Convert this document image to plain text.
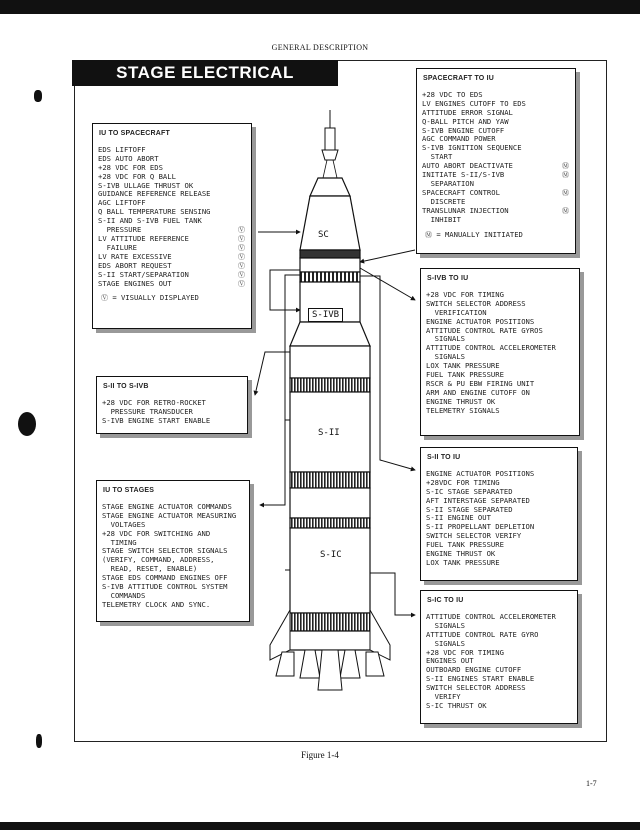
GENERAL DESCRIPTION
STAGE ELECTRICAL INTERFACE FLOW
SC
S-IVB
S-II
S-IC
SPACECRAFT TO IU
+28 VDC TO EDS
LV ENGINES CUTOFF TO EDS
ATTITUDE ERROR SIGNAL
Q-BALL PITCH AND YAW
S-IVB ENGINE CUTOFF
AGC COMMAND POWER
S-IVB IGNITION SEQUENCE
START
AUTO ABORT DEACTIVATE	Ⓜ
INITIATE S-II/S-IVB	Ⓜ
SEPARATION
SPACECRAFT CONTROL	Ⓜ
DISCRETE
TRANSLUNAR INJECTION	Ⓜ
INHIBIT
Ⓜ = MANUALLY INITIATED
IU TO SPACECRAFT
EDS LIFTOFF
EDS AUTO ABORT
+28 VDC FOR EDS
+28 VDC FOR Q BALL
S-IVB ULLAGE THRUST OK
GUIDANCE REFERENCE RELEASE
AGC LIFTOFF
Q BALL TEMPERATURE SENSING
S-II AND S-IVB FUEL TANK
PRESSURE	Ⓥ
LV ATTITUDE REFERENCE	Ⓥ
FAILURE	Ⓥ
LV RATE EXCESSIVE	Ⓥ
EDS ABORT REQUEST	Ⓥ
S-II START/SEPARATION	Ⓥ
STAGE ENGINES OUT	Ⓥ
Ⓥ = VISUALLY DISPLAYED
S-IVB TO IU
+28 VDC FOR TIMING
SWITCH SELECTOR ADDRESS
VERIFICATION
ENGINE ACTUATOR POSITIONS
ATTITUDE CONTROL RATE GYROS
SIGNALS
ATTITUDE CONTROL ACCELEROMETER
SIGNALS
LOX TANK PRESSURE
FUEL TANK PRESSURE
RSCR & PU EBW FIRING UNIT
ARM AND ENGINE CUTOFF ON
ENGINE THRUST OK
TELEMETRY SIGNALS
S-II TO S-IVB
+28 VDC FOR RETRO-ROCKET
PRESSURE TRANSDUCER
S-IVB ENGINE START ENABLE
S-II TO IU
ENGINE ACTUATOR POSITIONS
+28VDC FOR TIMING
S-IC STAGE SEPARATED
AFT INTERSTAGE SEPARATED
S-II STAGE SEPARATED
S-II ENGINE OUT
S-II PROPELLANT DEPLETION
SWITCH SELECTOR VERIFY
FUEL TANK PRESSURE
ENGINE THRUST OK
LOX TANK PRESSURE
IU TO STAGES
STAGE ENGINE ACTUATOR COMMANDS
STAGE ENGINE ACTUATOR MEASURING
VOLTAGES
+28 VDC FOR SWITCHING AND
TIMING
STAGE SWITCH SELECTOR SIGNALS
(VERIFY, COMMAND, ADDRESS,
READ, RESET, ENABLE)
STAGE EDS COMMAND ENGINES OFF
S-IVB ATTITUDE CONTROL SYSTEM
COMMANDS
TELEMETRY CLOCK AND SYNC.	S-IC TO IU
ATTITUDE CONTROL ACCELEROMETER
SIGNALS
ATTITUDE CONTROL RATE GYRO
SIGNALS
+28 VDC FOR TIMING
ENGINES OUT
OUTBOARD ENGINE CUTOFF
S-II ENGINES START ENABLE
SWITCH SELECTOR ADDRESS
VERIFY
S-IC THRUST OK
Figure 1-4
1-7
